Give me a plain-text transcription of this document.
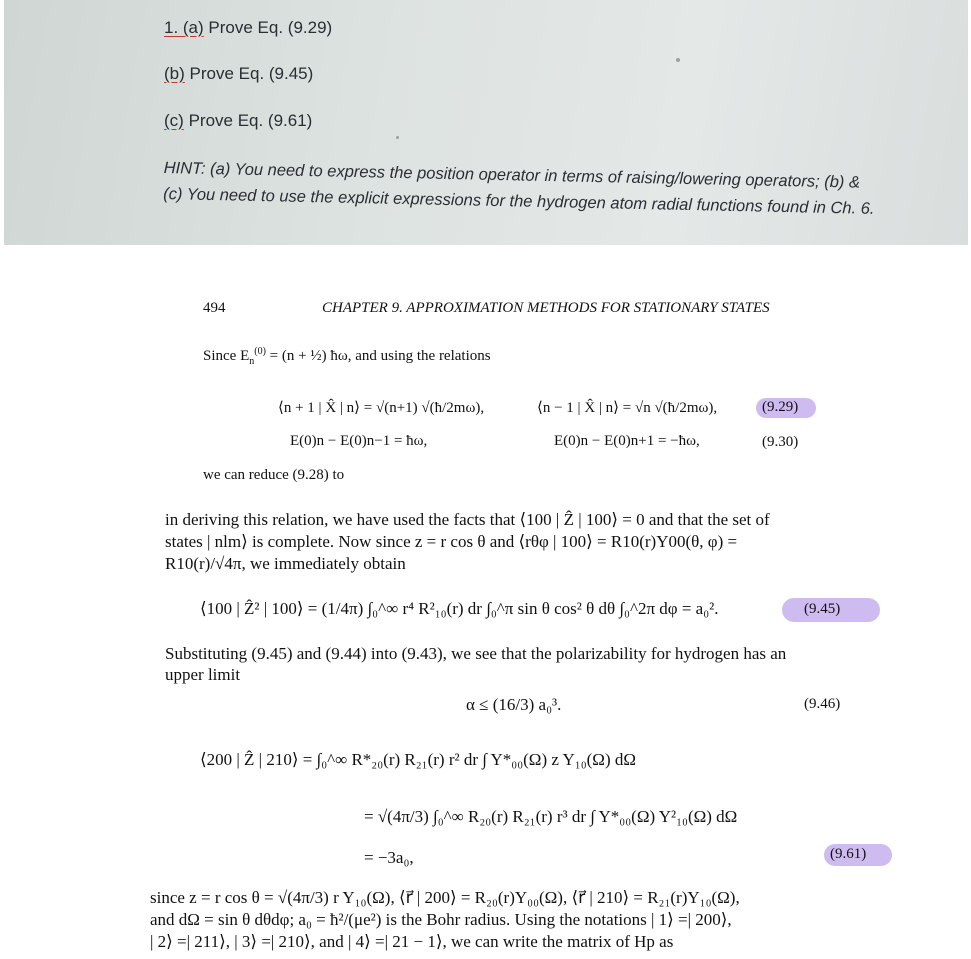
1. (a) Prove Eq. (9.29)
(b) Prove Eq. (9.45)
(c) Prove Eq. (9.61)
HINT: (a) You need to express the position operator in terms of raising/lowering operators; (b) & (c) You need to use the explicit expressions for the hydrogen atom radial functions found in Ch. 6.
494	CHAPTER 9. APPROXIMATION METHODS FOR STATIONARY STATES
Since $E_n^{(0)} = (n$ + ½) ħω, and using the relations
⟨n + 1 | X̂ | n⟩ = √(n+1) √(ħ/2mω),	⟨n − 1 | X̂ | n⟩ = √n √(ħ/2mω),	(9.29)
E(0)n − E(0)n−1 = ħω,	E(0)n − E(0)n+1 = −ħω,	(9.30)
we can reduce (9.28) to
in deriving this relation, we have used the facts that ⟨100 | Ẑ | 100⟩ = 0 and that the set of
states | nlm⟩ is complete. Now since z = r cos θ and ⟨rθφ | 100⟩ = R10(r)Y00(θ, φ) =
R10(r)/√4π, we immediately obtain
⟨100 | Ẑ² | 100⟩ = (1/4π) ∫₀^∞ r⁴ R²₁₀(r) dr ∫₀^π sin θ cos² θ dθ ∫₀^2π dφ = a₀².	(9.45)
Substituting (9.45) and (9.44) into (9.43), we see that the polarizability for hydrogen has an
upper limit
α ≤ (16/3) a₀³.	(9.46)
⟨200 | Ẑ | 210⟩ = ∫₀^∞ R*₂₀(r) R₂₁(r) r² dr ∫ Y*₀₀(Ω) z Y₁₀(Ω) dΩ
= √(4π/3) ∫₀^∞ R₂₀(r) R₂₁(r) r³ dr ∫ Y*₀₀(Ω) Y²₁₀(Ω) dΩ
= −3a₀,	(9.61)
since z = r cos θ = √(4π/3) r Y₁₀(Ω), ⟨r⃗ | 200⟩ = R₂₀(r)Y₀₀(Ω), ⟨r⃗ | 210⟩ = R₂₁(r)Y₁₀(Ω),
and dΩ = sin θ dθdφ; a₀ = ħ²/(μe²) is the Bohr radius. Using the notations | 1⟩ =| 200⟩,
| 2⟩ =| 211⟩, | 3⟩ =| 210⟩, and | 4⟩ =| 21 − 1⟩, we can write the matrix of Hp as
